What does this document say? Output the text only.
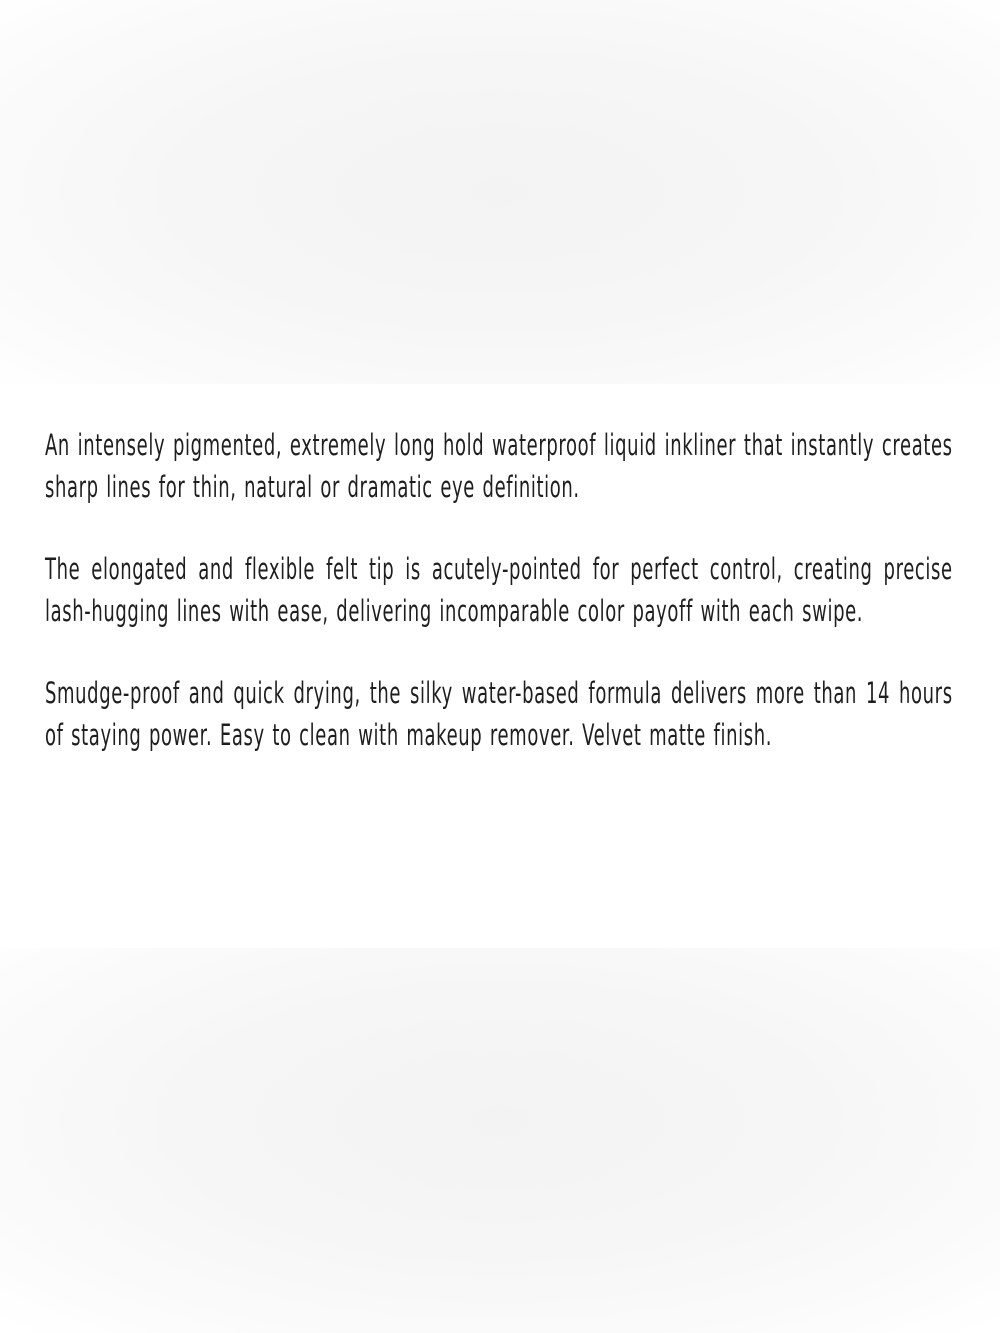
An intensely pigmented, extremely long hold waterproof liquid inkliner that instantly creates sharp lines for thin, natural or dramatic eye definition.

The elongated and flexible felt tip is acutely-pointed for perfect control, creating precise lash-hugging lines with ease, delivering incomparable color payoff with each swipe.

Smudge-proof and quick drying, the silky water-based formula delivers more than 14 hours of staying power. Easy to clean with makeup remover. Velvet matte finish.
